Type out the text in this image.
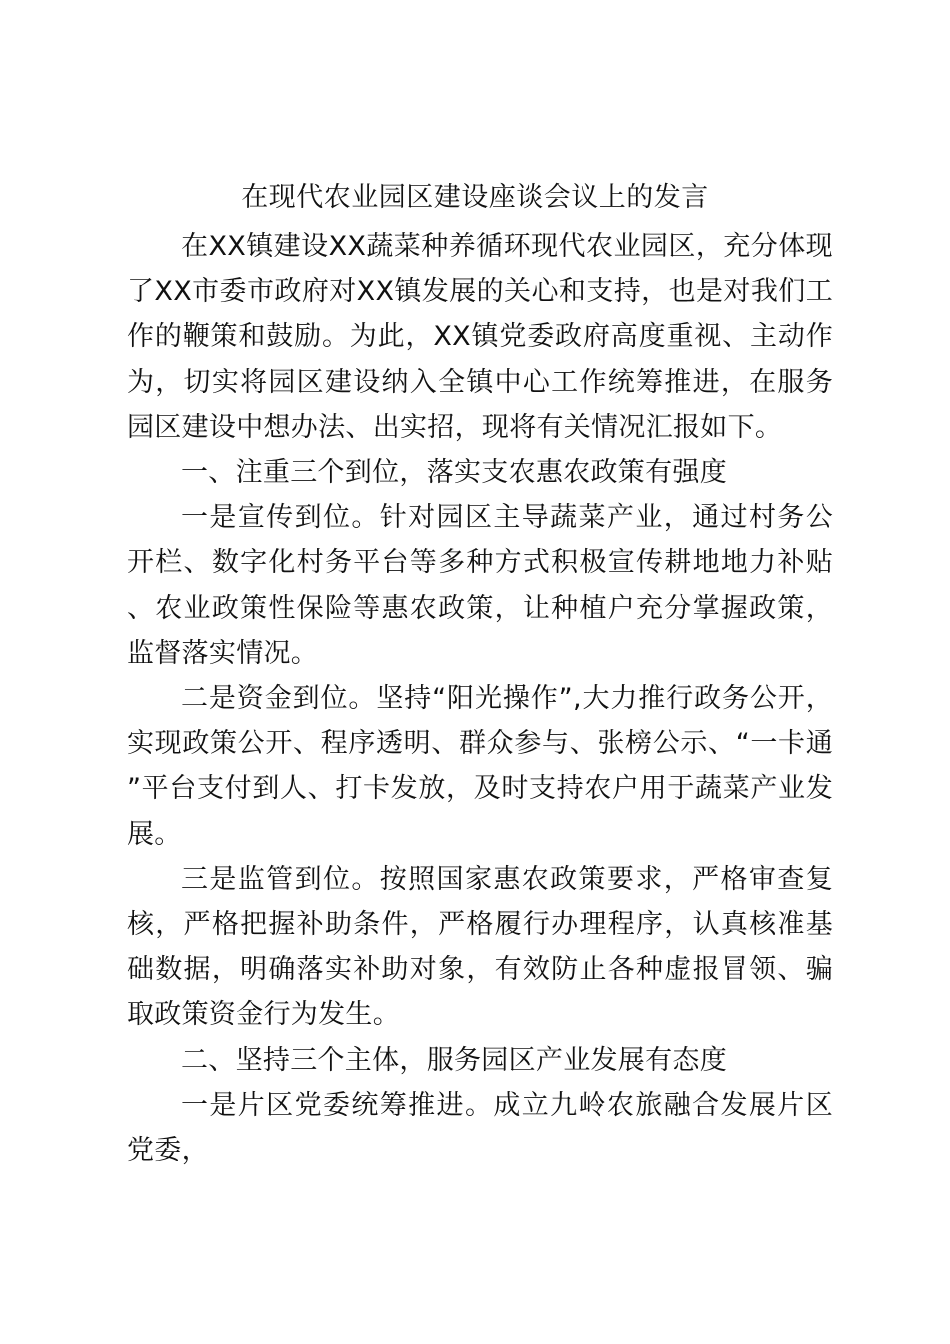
在现代农业园区建设座谈会议上的发言

在XX镇建设XX蔬菜种养循环现代农业园区，充分体现了XX市委市政府对XX镇发展的关心和支持，也是对我们工作的鞭策和鼓励。为此，XX镇党委政府高度重视、主动作为，切实将园区建设纳入全镇中心工作统筹推进，在服务园区建设中想办法、出实招，现将有关情况汇报如下。

一、注重三个到位，落实支农惠农政策有强度

一是宣传到位。针对园区主导蔬菜产业，通过村务公开栏、数字化村务平台等多种方式积极宣传耕地地力补贴、农业政策性保险等惠农政策，让种植户充分掌握政策，监督落实情况。

二是资金到位。坚持“阳光操作”,大力推行政务公开，实现政策公开、程序透明、群众参与、张榜公示、“一卡通”平台支付到人、打卡发放，及时支持农户用于蔬菜产业发展。

三是监管到位。按照国家惠农政策要求，严格审查复核，严格把握补助条件，严格履行办理程序，认真核准基础数据，明确落实补助对象，有效防止各种虚报冒领、骗取政策资金行为发生。

二、坚持三个主体，服务园区产业发展有态度

一是片区党委统筹推进。成立九岭农旅融合发展片区党委，
